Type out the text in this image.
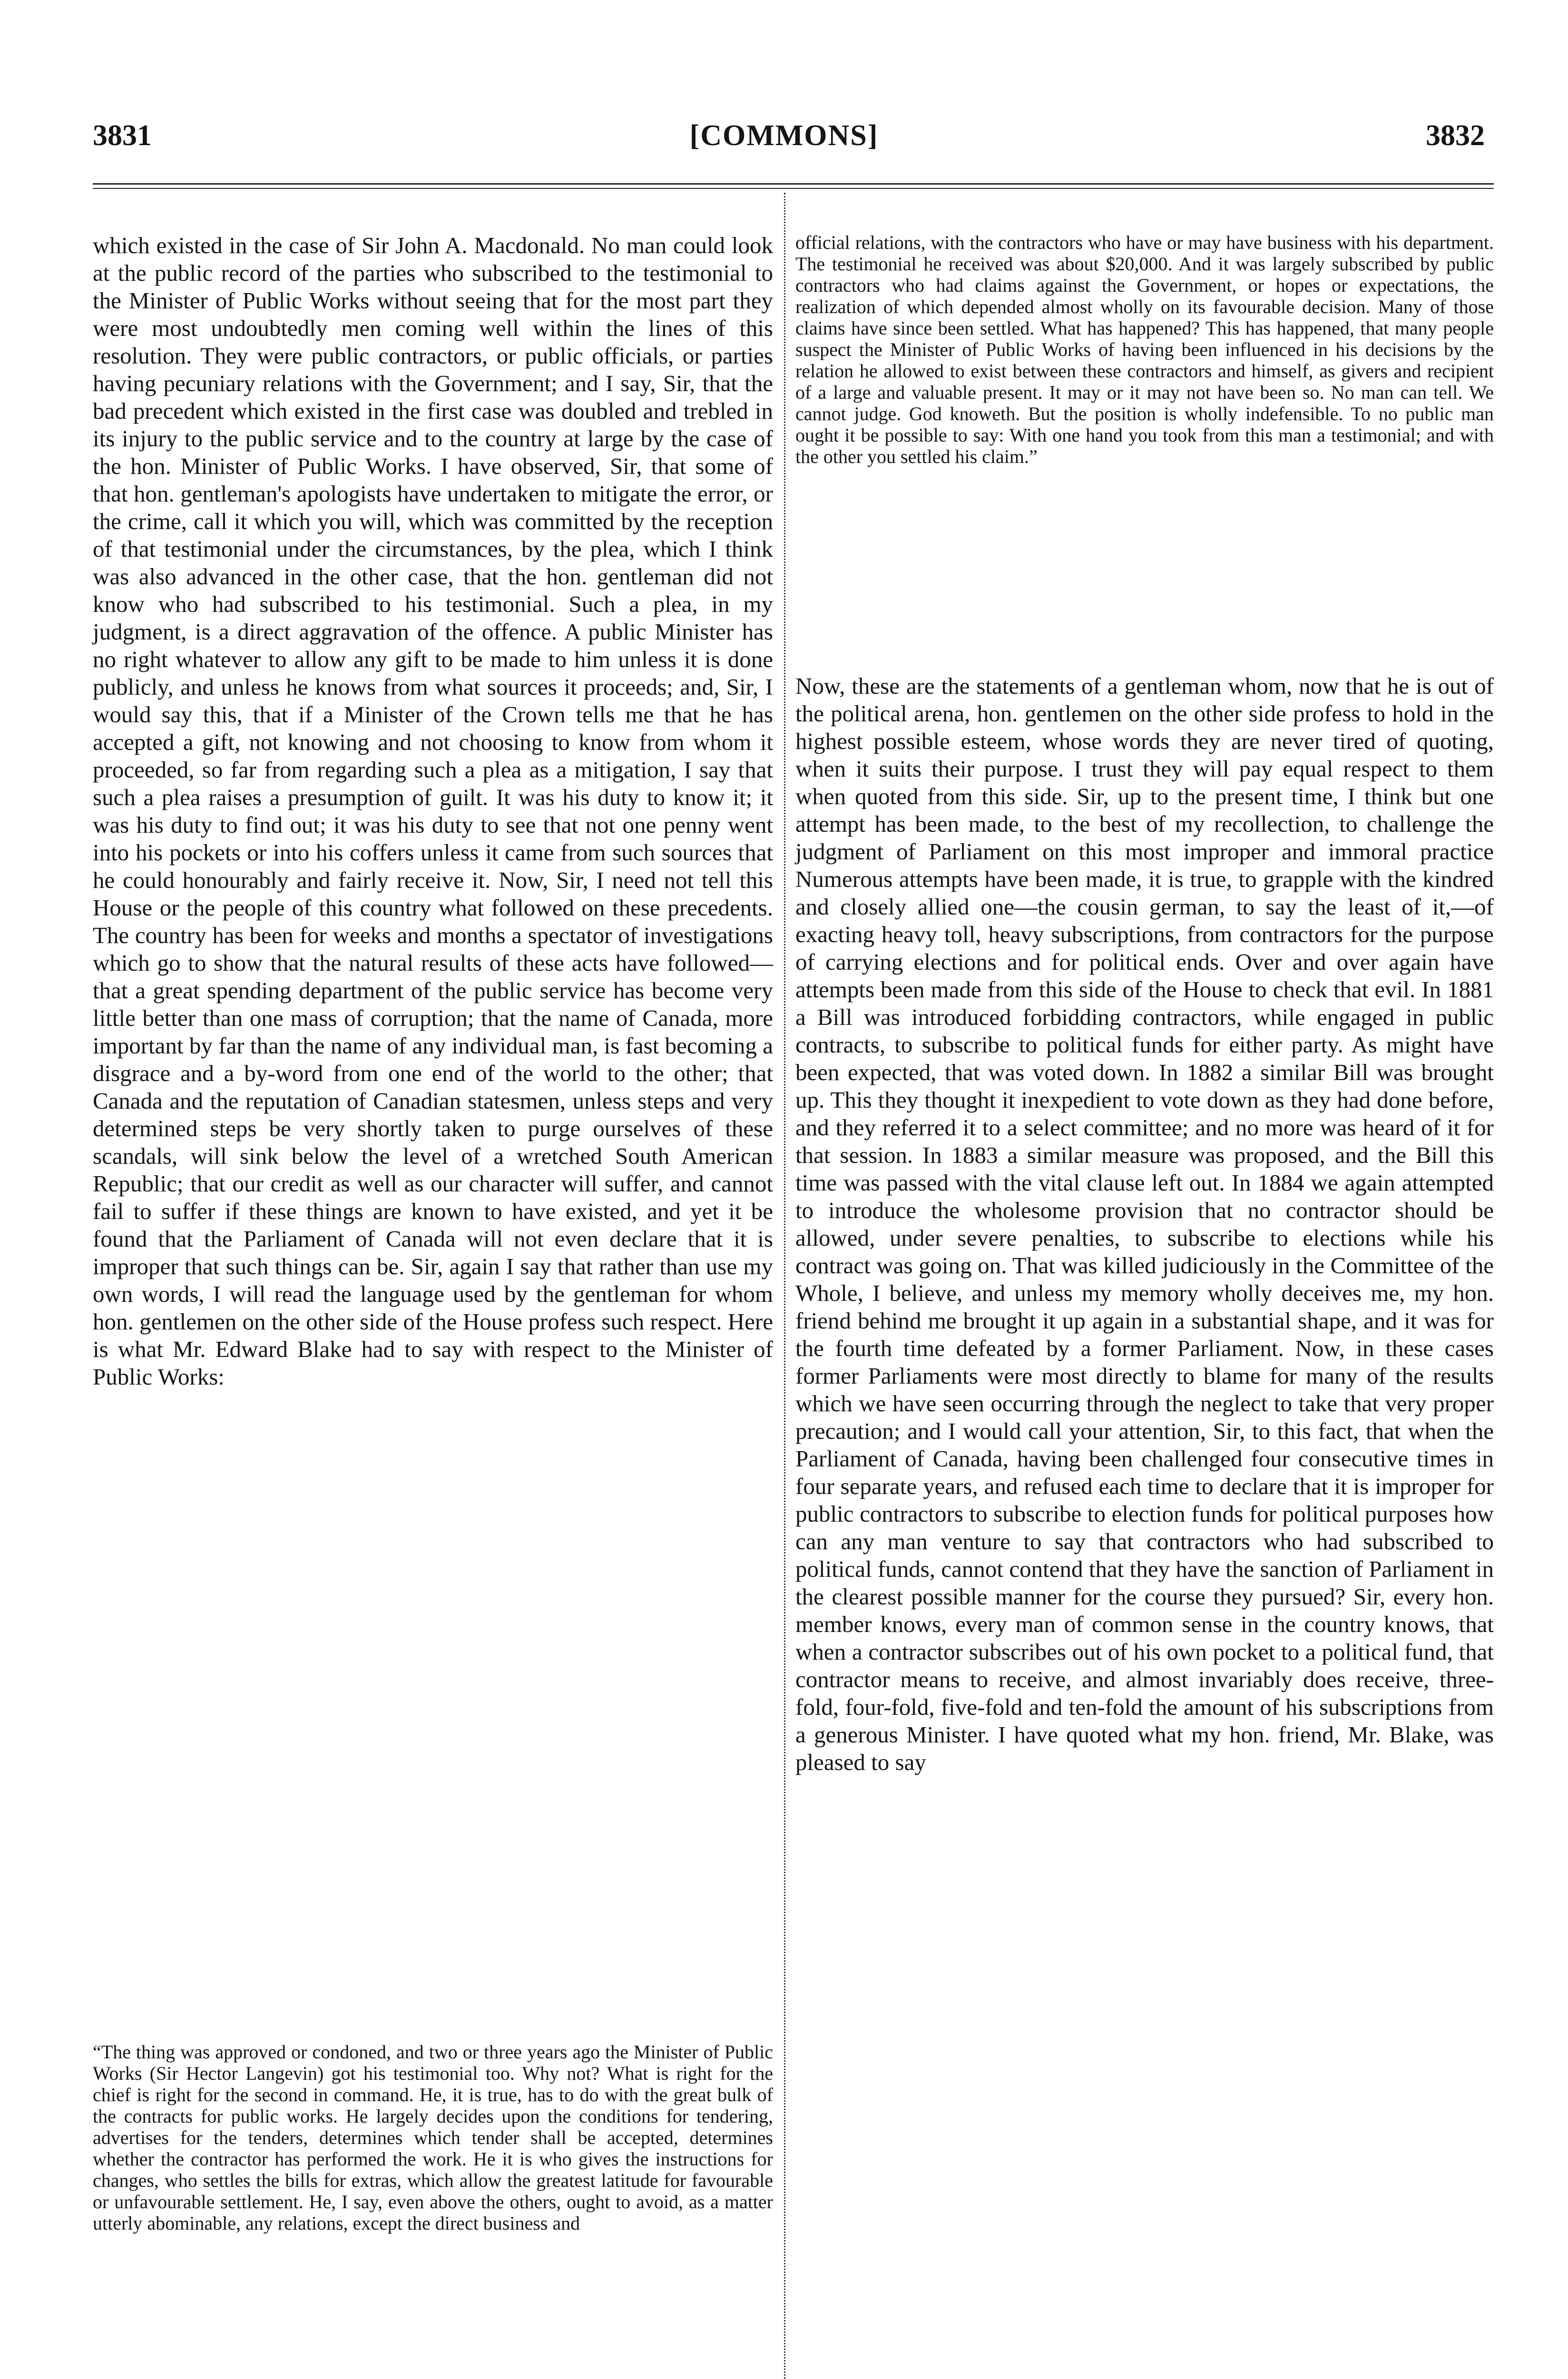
3831	[COMMONS]	3832

which existed in the case of Sir John A. Macdonald. No man could look at the public record of the parties who subscribed to the testimonial to the Minister of Public Works without seeing that for the most part they were most undoubtedly men coming well within the lines of this resolution. They were public contractors, or public officials, or parties having pecuniary relations with the Government; and I say, Sir, that the bad precedent which existed in the first case was doubled and trebled in its injury to the public service and to the country at large by the case of the hon. Minister of Public Works. I have observed, Sir, that some of that hon. gentleman's apologists have undertaken to mitigate the error, or the crime, call it which you will, which was committed by the reception of that testimonial under the circumstances, by the plea, which I think was also advanced in the other case, that the hon. gentleman did not know who had subscribed to his testimonial. Such a plea, in my judgment, is a direct aggravation of the offence. A public Minister has no right whatever to allow any gift to be made to him unless it is done publicly, and unless he knows from what sources it proceeds; and, Sir, I would say this, that if a Minister of the Crown tells me that he has accepted a gift, not knowing and not choosing to know from whom it proceeded, so far from regarding such a plea as a mitigation, I say that such a plea raises a presumption of guilt. It was his duty to know it; it was his duty to find out; it was his duty to see that not one penny went into his pockets or into his coffers unless it came from such sources that he could honourably and fairly receive it. Now, Sir, I need not tell this House or the people of this country what followed on these precedents. The country has been for weeks and months a spectator of investigations which go to show that the natural results of these acts have followed—that a great spending department of the public service has become very little better than one mass of corruption; that the name of Canada, more important by far than the name of any individual man, is fast becoming a disgrace and a by-word from one end of the world to the other; that Canada and the reputation of Canadian statesmen, unless steps and very determined steps be very shortly taken to purge ourselves of these scandals, will sink below the level of a wretched South American Republic; that our credit as well as our character will suffer, and cannot fail to suffer if these things are known to have existed, and yet it be found that the Parliament of Canada will not even declare that it is improper that such things can be. Sir, again I say that rather than use my own words, I will read the language used by the gentleman for whom hon. gentlemen on the other side of the House profess such respect. Here is what Mr. Edward Blake had to say with respect to the Minister of Public Works:

“The thing was approved or condoned, and two or three years ago the Minister of Public Works (Sir Hector Langevin) got his testimonial too. Why not? What is right for the chief is right for the second in command. He, it is true, has to do with the great bulk of the contracts for public works. He largely decides upon the conditions for tendering, advertises for the tenders, determines which tender shall be accepted, determines whether the contractor has performed the work. He it is who gives the instructions for changes, who settles the bills for extras, which allow the greatest latitude for favourable or unfavourable settlement. He, I say, even above the others, ought to avoid, as a matter utterly abominable, any relations, except the direct business and

official relations, with the contractors who have or may have business with his department. The testimonial he received was about $20,000. And it was largely subscribed by public contractors who had claims against the Government, or hopes or expectations, the realization of which depended almost wholly on its favourable decision. Many of those claims have since been settled. What has happened? This has happened, that many people suspect the Minister of Public Works of having been influenced in his decisions by the relation he allowed to exist between these contractors and himself, as givers and recipient of a large and valuable present. It may or it may not have been so. No man can tell. We cannot judge. God knoweth. But the position is wholly indefensible. To no public man ought it be possible to say: With one hand you took from this man a testimonial; and with the other you settled his claim.”

Now, these are the statements of a gentleman whom, now that he is out of the political arena, hon. gentlemen on the other side profess to hold in the highest possible esteem, whose words they are never tired of quoting, when it suits their purpose. I trust they will pay equal respect to them when quoted from this side. Sir, up to the present time, I think but one attempt has been made, to the best of my recollection, to challenge the judgment of Parliament on this most improper and immoral practice Numerous attempts have been made, it is true, to grapple with the kindred and closely allied one—the cousin german, to say the least of it,—of exacting heavy toll, heavy subscriptions, from contractors for the purpose of carrying elections and for political ends. Over and over again have attempts been made from this side of the House to check that evil. In 1881 a Bill was introduced forbidding contractors, while engaged in public contracts, to subscribe to political funds for either party. As might have been expected, that was voted down. In 1882 a similar Bill was brought up. This they thought it inexpedient to vote down as they had done before, and they referred it to a select committee; and no more was heard of it for that session. In 1883 a similar measure was proposed, and the Bill this time was passed with the vital clause left out. In 1884 we again attempted to introduce the wholesome provision that no contractor should be allowed, under severe penalties, to subscribe to elections while his contract was going on. That was killed judiciously in the Committee of the Whole, I believe, and unless my memory wholly deceives me, my hon. friend behind me brought it up again in a substantial shape, and it was for the fourth time defeated by a former Parliament. Now, in these cases former Parliaments were most directly to blame for many of the results which we have seen occurring through the neglect to take that very proper precaution; and I would call your attention, Sir, to this fact, that when the Parliament of Canada, having been challenged four consecutive times in four separate years, and refused each time to declare that it is improper for public contractors to subscribe to election funds for political purposes how can any man venture to say that contractors who had subscribed to political funds, cannot contend that they have the sanction of Parliament in the clearest possible manner for the course they pursued? Sir, every hon. member knows, every man of common sense in the country knows, that when a contractor subscribes out of his own pocket to a political fund, that contractor means to receive, and almost invariably does receive, three-fold, four-fold, five-fold and ten-fold the amount of his subscriptions from a generous Minister. I have quoted what my hon. friend, Mr. Blake, was pleased to say
